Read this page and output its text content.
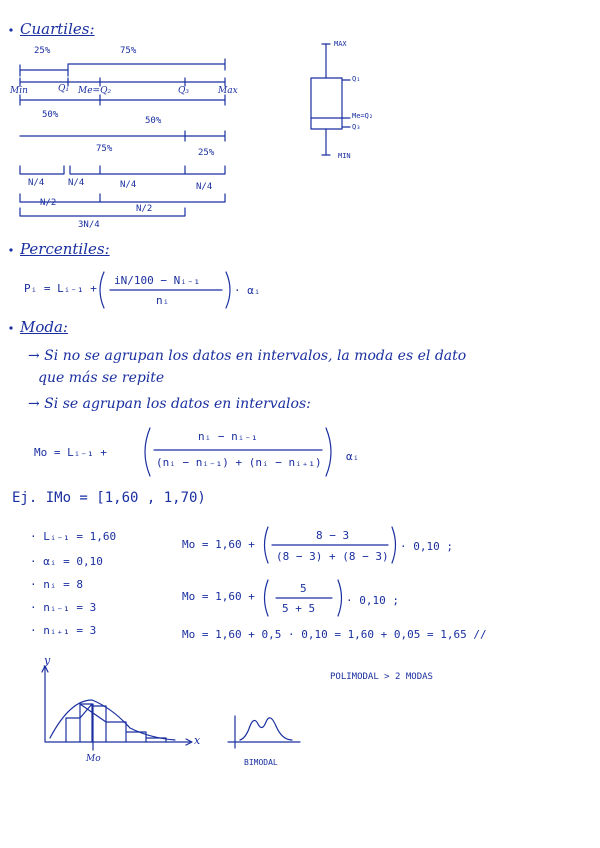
Cuartiles:
25%	75%
Min	Q₁ Me=Q₂	Q₃	Max
50%
50%
75%	25%
N/4	N/4	N/4	N/4
N/2
N/2
3N/4
MAX
Q₁
Me=Q₂
Q₃
MIN
Percentiles:
Pᵢ = Lᵢ₋₁ +
iN/100 − Nᵢ₋₁
nᵢ
· αᵢ
Moda:
→ Si no se agrupan los datos en intervalos, la moda es el dato
que más se repite
→ Si se agrupan los datos en intervalos:
Mo = Lᵢ₋₁ +
nᵢ − nᵢ₋₁
(nᵢ − nᵢ₋₁) + (nᵢ − nᵢ₊₁) αᵢ
Ej. IMo = [1,60 , 1,70)
· Lᵢ₋₁ = 1,60
· αᵢ = 0,10
· nᵢ = 8
· nᵢ₋₁ = 3
· nᵢ₊₁ = 3
Mo = 1,60 +
8 − 3
(8 − 3) + (8 − 3)
· 0,10 ;
Mo = 1,60 +
5
5 + 5
· 0,10 ;
Mo = 1,60 + 0,5 · 0,10 = 1,60 + 0,05 = 1,65 //
POLIMODAL > 2 MODAS
y
x
Mo	BIMODAL
